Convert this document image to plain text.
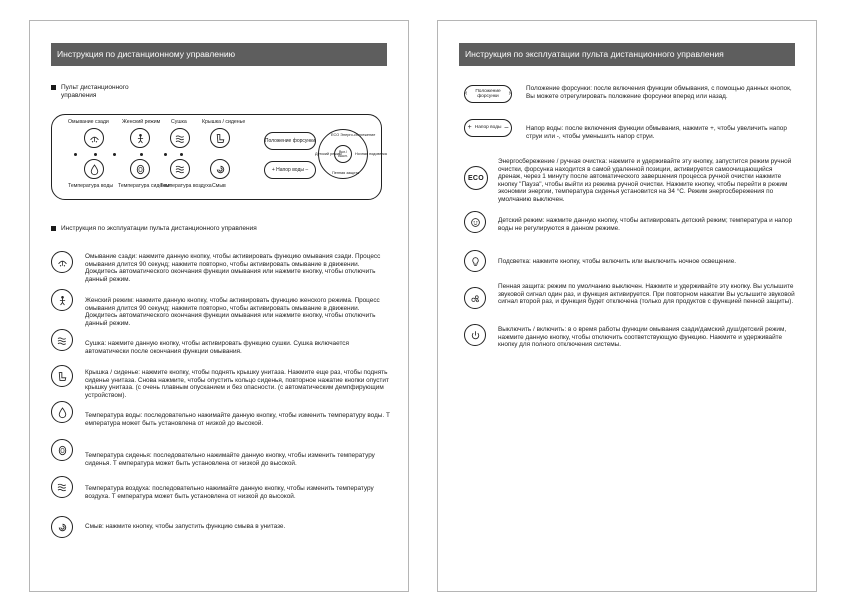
Инструкция по дистанционному управлению
Пульт дистанционного управления
Омывание сзади	Женский режим Сушка	Крышка / сиденье
Температура воды Температура сиденья
Температура воздуха Смыв
Положение форсунки
+ Напор воды –
ECO Энерго-сбережение
Детский режим	Ночная подсветка
Пенная защита
Вкл./ Выкл.
Инструкция по эксплуатации пульта дистанционного управления
Омывание сзади: нажмите данную кнопку, чтобы активировать функцию омывания сзади. Процесс омывания длится 90 секунд; нажмите повторно, чтобы активировать омывание в движении. Дождитесь автоматического окончания функции омывания или нажмите кнопку, чтобы отключить данный режим.
Женский режим: нажмите данную кнопку, чтобы активировать функцию женского режима. Процесс омывания длится 90 секунд; нажмите повторно, чтобы активировать омывание в движении. Дождитесь автоматического окончания функции омывания или нажмите кнопку, чтобы отключить данный режим.
Сушка: нажмите данную кнопку, чтобы активировать функцию сушки. Сушка включается автоматически после окончания функции омывания.
Крышка / сиденье: нажмите кнопку, чтобы поднять крышку унитаза. Нажмите еще раз, чтобы поднять сиденье унитаза. Снова нажмите, чтобы опустить кольцо сиденья, повторное нажатие кнопки опустит крышку унитаза. (с очень плавным опусканием и без опасности. (с автоматическим демпфирующим устройством).
Температура воды: последовательно нажимайте данную кнопку, чтобы изменить температуру воды. Т емпература может быть установлена от низкой до высокой.
Температура сиденья: последовательно нажимайте данную кнопку, чтобы изменить температуру сиденья. Т емпература может быть установлена от низкой до высокой.
Температура воздуха: последовательно нажимайте данную кнопку, чтобы изменить температуру воздуха. Т емпература может быть установлена от низкой до высокой.
Смыв: нажмите кнопку, чтобы запустить функцию смыва в унитазе.
Инструкция по эксплуатации пульта дистанционного управления
‹	Положение форсунки	›
Положение форсунки: после включения функции обмывания, с помощью данных кнопок, Вы можете отрегулировать положение форсунки вперед или назад.
+ Напор воды –	Напор воды: после включения функции обмывания, нажмите +, чтобы увеличить напор струи или -, чтобы уменьшить напор струи.
ECO
Энергосбережение / ручная очистка: нажмите и удерживайте эту кнопку, запустится режим ручной очистки, форсунка находится в самой удаленной позиции, активируется самоочищающийся дренаж, через 1 минуту после автоматического завершения процесса ручной очистки нажмите кнопку "Пауза", чтобы выйти из режима ручной очистки. Нажмите кнопку, чтобы перейти в режим экономии энергии, температура сиденья установится на 34 °С. Режим энергосбережения по умолчанию выключен.
Детский режим: нажмите данную кнопку, чтобы активировать детский режим; температура и напор воды не регулируются в данном режиме.
Подсветка: нажмите кнопку, чтобы включить или выключить ночное освещение.
Пенная защита: режим по умолчанию выключен. Нажмите и удерживайте эту кнопку. Вы услышите звуковой сигнал один раз, и функция активируется. При повторном нажатии Вы услышите звуковой сигнал второй раз, и функция будет отключена (только для продуктов с функцией пенной защиты).
Выключить / включить: в о время работы функции омывания сзади/дамский душ/детский режим, нажмите данную кнопку, чтобы отключить соответствующую функцию. Нажмите и удерживайте кнопку для полного отключения системы.
